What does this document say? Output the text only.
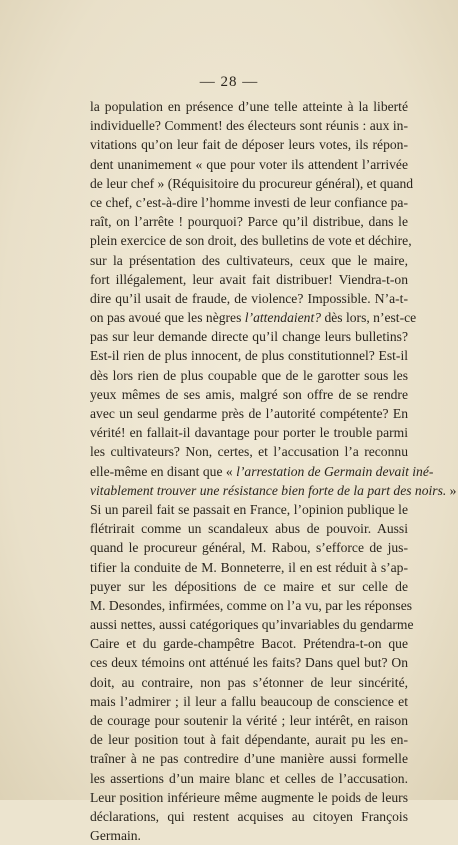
— 28 —
la population en présence d’une telle atteinte à la liberté
individuelle? Comment! des électeurs sont réunis : aux in-
vitations qu’on leur fait de déposer leurs votes, ils répon-
dent unanimement « que pour voter ils attendent l’arrivée
de leur chef » (Réquisitoire du procureur général), et quand
ce chef, c’est-à-dire l’homme investi de leur confiance pa-
raît, on l’arrête ! pourquoi? Parce qu’il distribue, dans le
plein exercice de son droit, des bulletins de vote et déchire,
sur la présentation des cultivateurs, ceux que le maire,
fort illégalement, leur avait fait distribuer! Viendra-t-on
dire qu’il usait de fraude, de violence? Impossible. N’a-t-
on pas avoué que les nègres l’attendaient? dès lors, n’est-ce
pas sur leur demande directe qu’il change leurs bulletins?
Est-il rien de plus innocent, de plus constitutionnel? Est-il
dès lors rien de plus coupable que de le garotter sous les
yeux mêmes de ses amis, malgré son offre de se rendre
avec un seul gendarme près de l’autorité compétente? En
vérité! en fallait-il davantage pour porter le trouble parmi
les cultivateurs? Non, certes, et l’accusation l’a reconnu
elle-même en disant que « l’arrestation de Germain devait iné-
vitablement trouver une résistance bien forte de la part des noirs. »
Si un pareil fait se passait en France, l’opinion publique le
flétrirait comme un scandaleux abus de pouvoir. Aussi
quand le procureur général, M. Rabou, s’efforce de jus-
tifier la conduite de M. Bonneterre, il en est réduit à s’ap-
puyer sur les dépositions de ce maire et sur celle de
M. Desondes, infirmées, comme on l’a vu, par les réponses
aussi nettes, aussi catégoriques qu’invariables du gendarme
Caire et du garde-champêtre Bacot. Prétendra-t-on que
ces deux témoins ont atténué les faits? Dans quel but? On
doit, au contraire, non pas s’étonner de leur sincérité,
mais l’admirer ; il leur a fallu beaucoup de conscience et
de courage pour soutenir la vérité ; leur intérêt, en raison
de leur position tout à fait dépendante, aurait pu les en-
traîner à ne pas contredire d’une manière aussi formelle
les assertions d’un maire blanc et celles de l’accusation.
Leur position inférieure même augmente le poids de leurs
déclarations, qui restent acquises au citoyen François
Germain.
